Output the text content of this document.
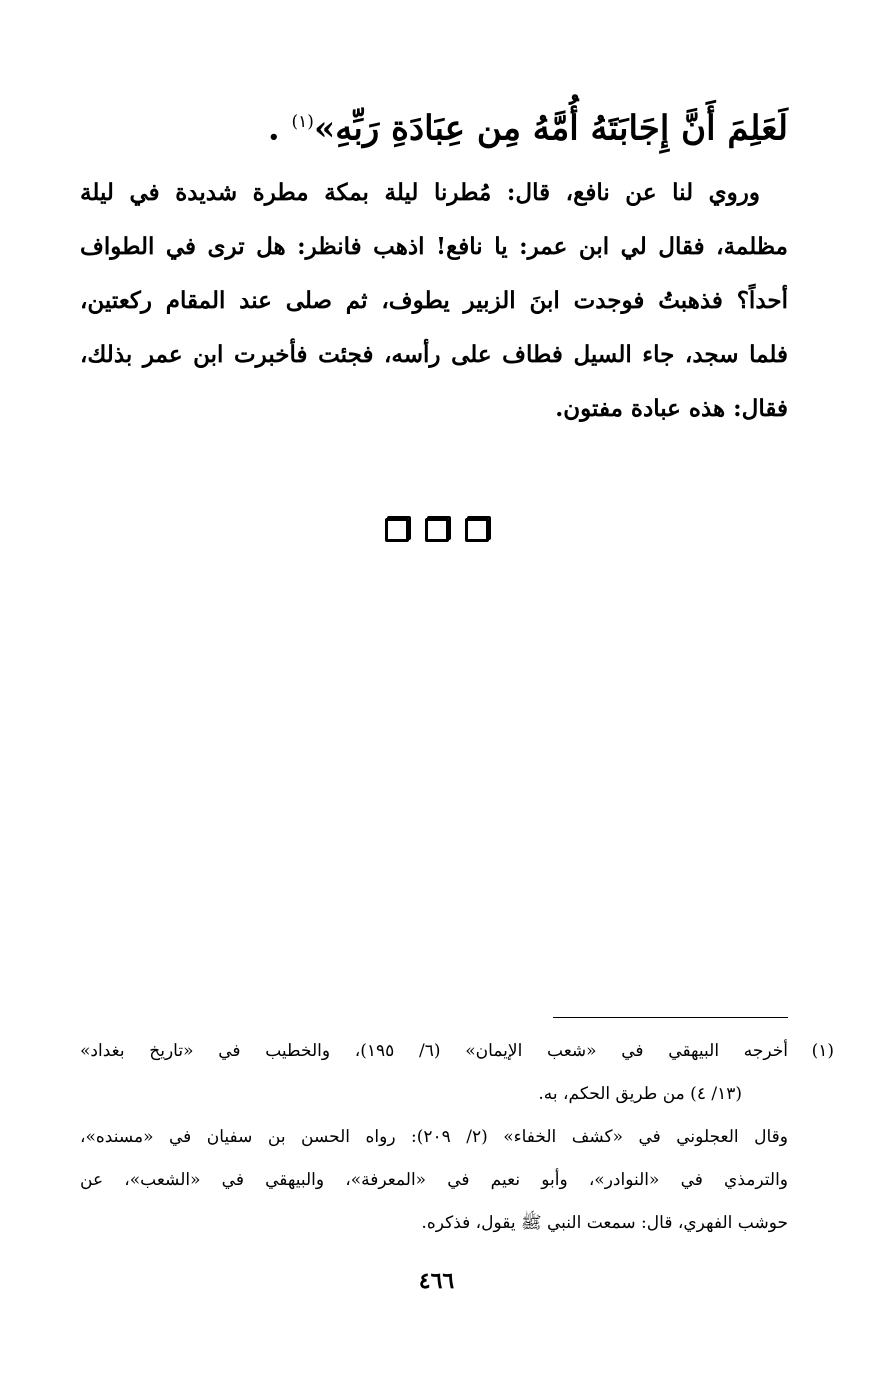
لَعَلِمَ أَنَّ إِجَابَتَهُ أُمَّهُ مِن عِبَادَةِ رَبِّهِ»$^{(١)}$ .
وروي لنا عن نافع، قال: مُطرنا ليلة بمكة مطرة شديدة في ليلة
مظلمة، فقال لي ابن عمر: يا نافع! اذهب فانظر: هل ترى في الطواف
أحداً؟ فذهبتُ فوجدت ابنَ الزبير يطوف، ثم صلى عند المقام ركعتين،
فلما سجد، جاء السيل فطاف على رأسه، فجئت فأخبرت ابن عمر بذلك،
فقال: هذه عبادة مفتون.
(١)أخرجه البيهقي في «شعب الإيمان» (٦/ ١٩٥)، والخطيب في «تاريخ بغداد»
(١٣/ ٤) من طريق الحكم، به.
وقال العجلوني في «كشف الخفاء» (٢/ ٢٠٩): رواه الحسن بن سفيان في «مسنده»،
والترمذي في «النوادر»، وأبو نعيم في «المعرفة»، والبيهقي في «الشعب»، عن
حوشب الفهري، قال: سمعت النبي ﷺ يقول، فذكره.
٤٦٦
